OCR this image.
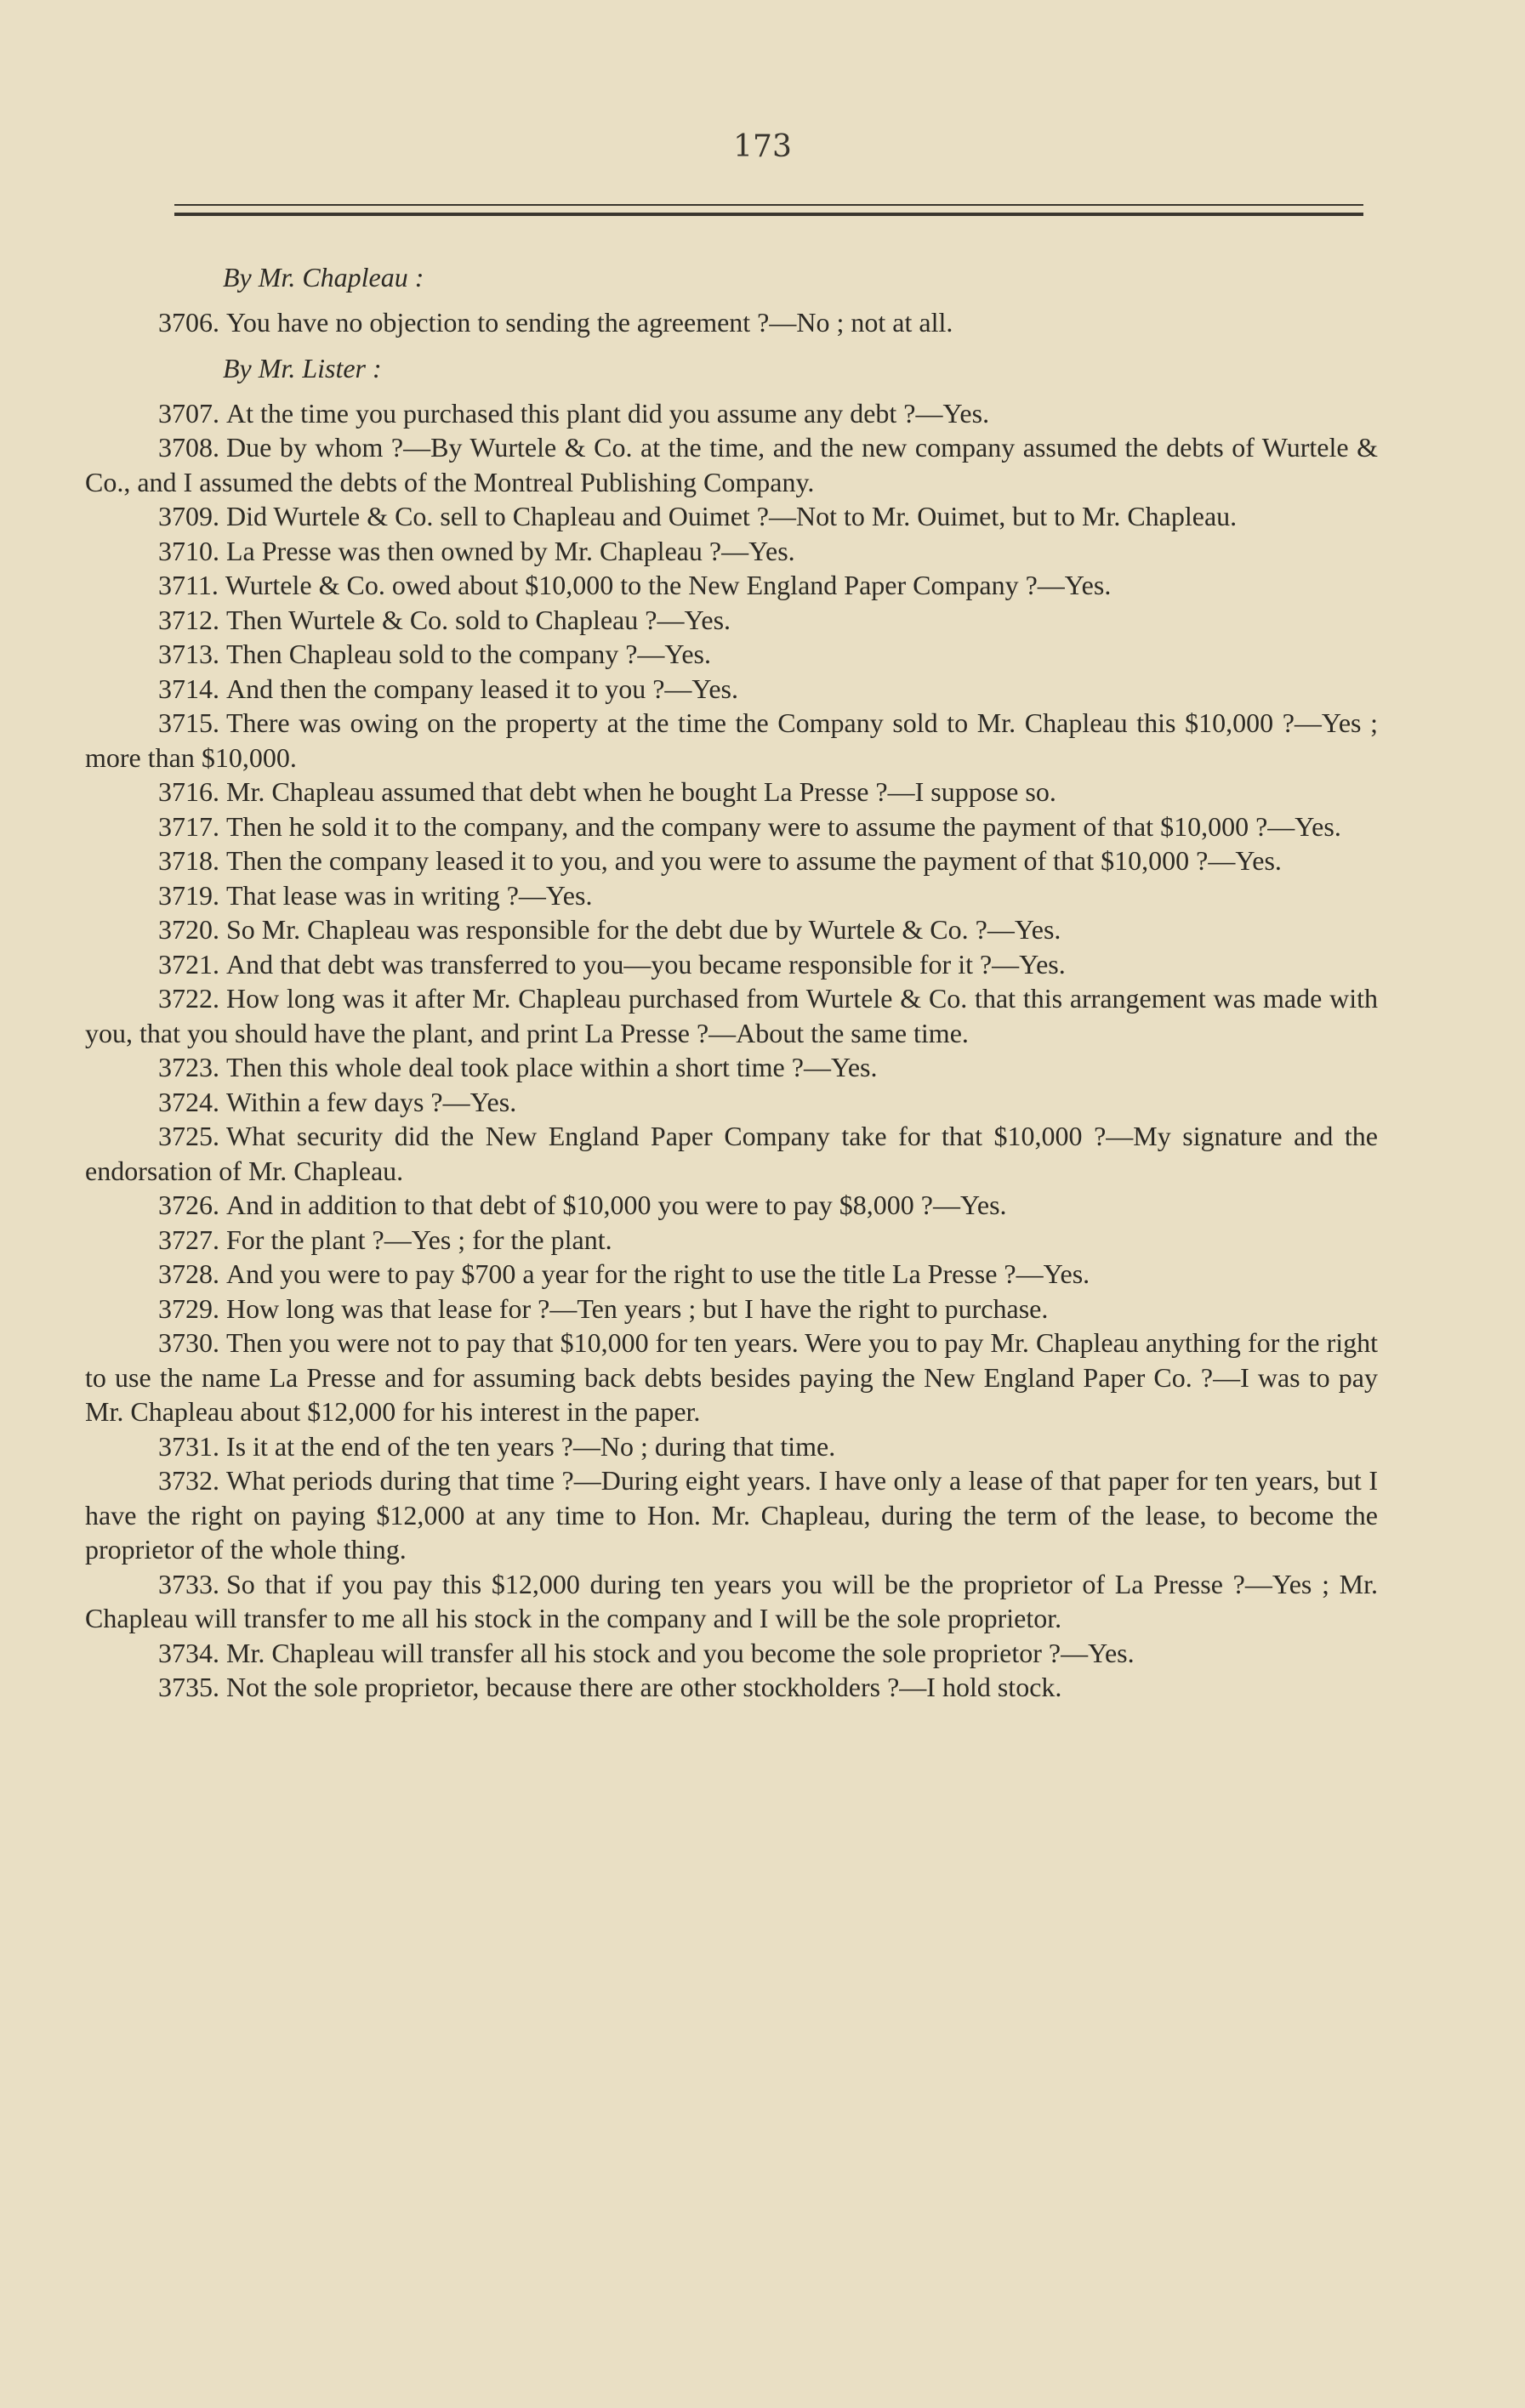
173

By Mr. Chapleau :

3706. You have no objection to sending the agreement ?—No ; not at all.

By Mr. Lister :

3707. At the time you purchased this plant did you assume any debt ?—Yes.

3708. Due by whom ?—By Wurtele & Co. at the time, and the new company assumed the debts of Wurtele & Co., and I assumed the debts of the Montreal Publishing Company.

3709. Did Wurtele & Co. sell to Chapleau and Ouimet ?—Not to Mr. Ouimet, but to Mr. Chapleau.

3710. La Presse was then owned by Mr. Chapleau ?—Yes.

3711. Wurtele & Co. owed about $10,000 to the New England Paper Company ?—Yes.

3712. Then Wurtele & Co. sold to Chapleau ?—Yes.

3713. Then Chapleau sold to the company ?—Yes.

3714. And then the company leased it to you ?—Yes.

3715. There was owing on the property at the time the Company sold to Mr. Chapleau this $10,000 ?—Yes ; more than $10,000.

3716. Mr. Chapleau assumed that debt when he bought La Presse ?—I suppose so.

3717. Then he sold it to the company, and the company were to assume the payment of that $10,000 ?—Yes.

3718. Then the company leased it to you, and you were to assume the payment of that $10,000 ?—Yes.

3719. That lease was in writing ?—Yes.

3720. So Mr. Chapleau was responsible for the debt due by Wurtele & Co. ?—Yes.

3721. And that debt was transferred to you—you became responsible for it ?—Yes.

3722. How long was it after Mr. Chapleau purchased from Wurtele & Co. that this arrangement was made with you, that you should have the plant, and print La Presse ?—About the same time.

3723. Then this whole deal took place within a short time ?—Yes.

3724. Within a few days ?—Yes.

3725. What security did the New England Paper Company take for that $10,000 ?—My signature and the endorsation of Mr. Chapleau.

3726. And in addition to that debt of $10,000 you were to pay $8,000 ?—Yes.

3727. For the plant ?—Yes ; for the plant.

3728. And you were to pay $700 a year for the right to use the title La Presse ?—Yes.

3729. How long was that lease for ?—Ten years ; but I have the right to purchase.

3730. Then you were not to pay that $10,000 for ten years. Were you to pay Mr. Chapleau anything for the right to use the name La Presse and for assuming back debts besides paying the New England Paper Co. ?—I was to pay Mr. Chapleau about $12,000 for his interest in the paper.

3731. Is it at the end of the ten years ?—No ; during that time.

3732. What periods during that time ?—During eight years. I have only a lease of that paper for ten years, but I have the right on paying $12,000 at any time to Hon. Mr. Chapleau, during the term of the lease, to become the proprietor of the whole thing.

3733. So that if you pay this $12,000 during ten years you will be the proprietor of La Presse ?—Yes ; Mr. Chapleau will transfer to me all his stock in the company and I will be the sole proprietor.

3734. Mr. Chapleau will transfer all his stock and you become the sole proprietor ?—Yes.

3735. Not the sole proprietor, because there are other stockholders ?—I hold stock.
